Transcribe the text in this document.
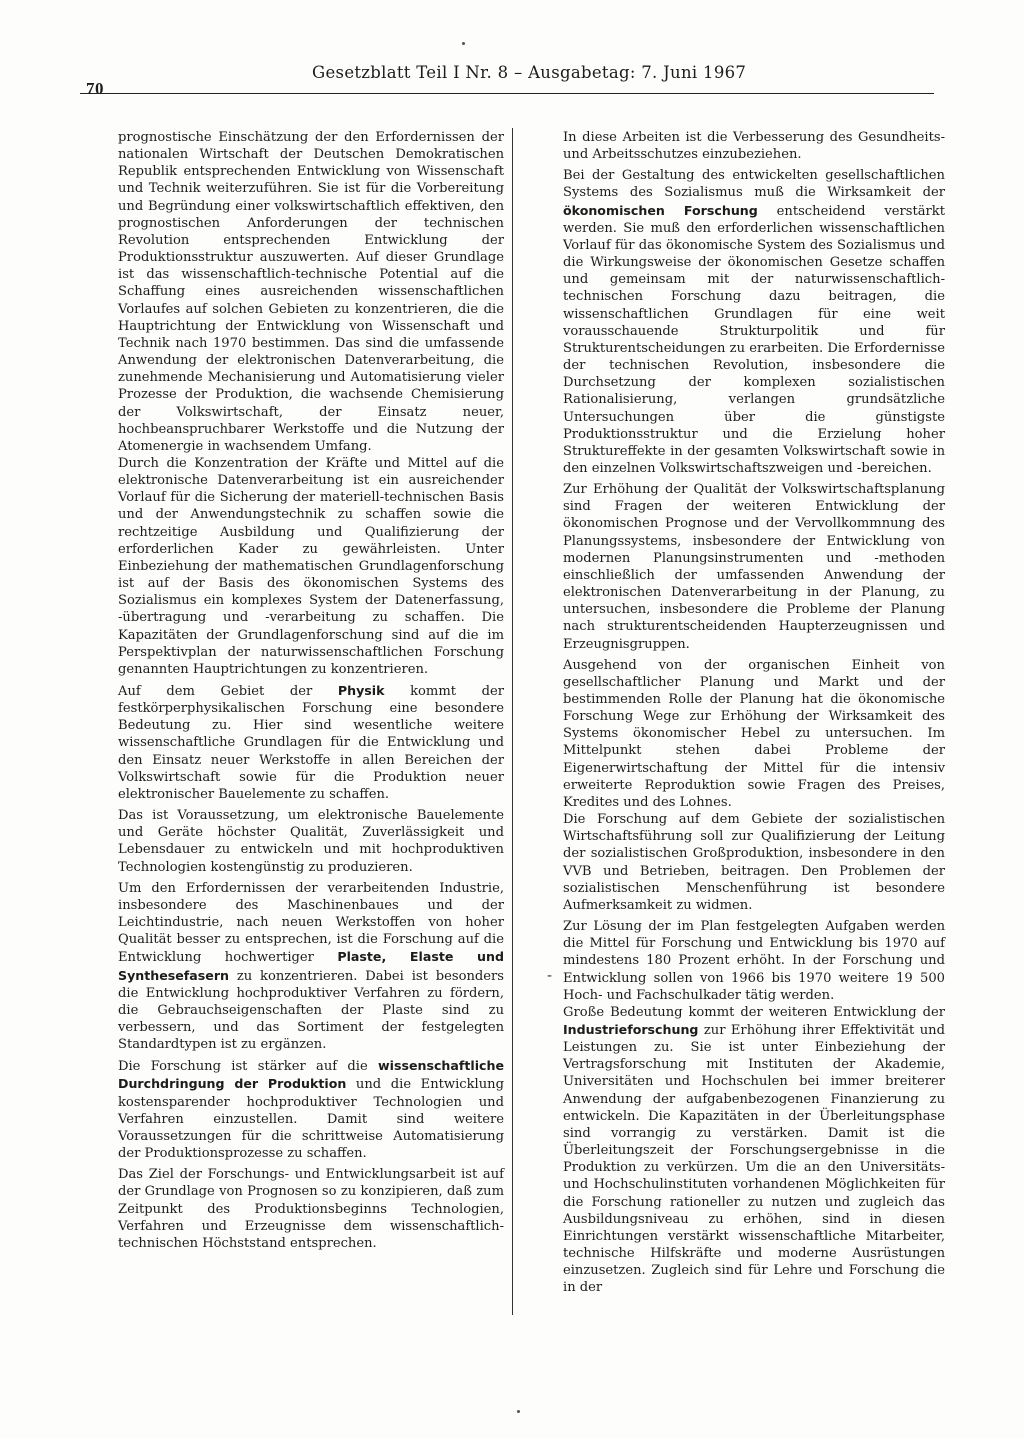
70
Gesetzblatt Teil I Nr. 8 – Ausgabetag: 7. Juni 1967

prognostische Einschätzung der den Erfordernissen der nationalen Wirtschaft der Deutschen Demokratischen Republik entsprechenden Entwicklung von Wissenschaft und Technik weiterzuführen. Sie ist für die Vorbereitung und Begründung einer volkswirtschaftlich effektiven, den prognostischen Anforderungen der technischen Revolution entsprechenden Entwicklung der Produktionsstruktur auszuwerten. Auf dieser Grundlage ist das wissenschaftlich-technische Potential auf die Schaffung eines ausreichenden wissenschaftlichen Vorlaufes auf solchen Gebieten zu konzentrieren, die die Hauptrichtung der Entwicklung von Wissenschaft und Technik nach 1970 bestimmen. Das sind die umfassende Anwendung der elektronischen Datenverarbeitung, die zunehmende Mechanisierung und Automatisierung vieler Prozesse der Produktion, die wachsende Chemisierung der Volkswirtschaft, der Einsatz neuer, hochbeanspruchbarer Werkstoffe und die Nutzung der Atomenergie in wachsendem Umfang.

Durch die Konzentration der Kräfte und Mittel auf die elektronische Datenverarbeitung ist ein ausreichender Vorlauf für die Sicherung der materiell-technischen Basis und der Anwendungstechnik zu schaffen sowie die rechtzeitige Ausbildung und Qualifizierung der erforderlichen Kader zu gewährleisten. Unter Einbeziehung der mathematischen Grundlagenforschung ist auf der Basis des ökonomischen Systems des Sozialismus ein komplexes System der Datenerfassung, -übertragung und -verarbeitung zu schaffen. Die Kapazitäten der Grundlagenforschung sind auf die im Perspektivplan der naturwissenschaftlichen Forschung genannten Hauptrichtungen zu konzentrieren.

Auf dem Gebiet der Physik kommt der festkörperphysikalischen Forschung eine besondere Bedeutung zu. Hier sind wesentliche weitere wissenschaftliche Grundlagen für die Entwicklung und den Einsatz neuer Werkstoffe in allen Bereichen der Volkswirtschaft sowie für die Produktion neuer elektronischer Bauelemente zu schaffen.

Das ist Voraussetzung, um elektronische Bauelemente und Geräte höchster Qualität, Zuverlässigkeit und Lebensdauer zu entwickeln und mit hochproduktiven Technologien kostengünstig zu produzieren.

Um den Erfordernissen der verarbeitenden Industrie, insbesondere des Maschinenbaues und der Leichtindustrie, nach neuen Werkstoffen von hoher Qualität besser zu entsprechen, ist die Forschung auf die Entwicklung hochwertiger Plaste, Elaste und Synthesefasern zu konzentrieren. Dabei ist besonders die Entwicklung hochproduktiver Verfahren zu fördern, die Gebrauchseigenschaften der Plaste sind zu verbessern, und das Sortiment der festgelegten Standardtypen ist zu ergänzen.

Die Forschung ist stärker auf die wissenschaftliche Durchdringung der Produktion und die Entwicklung kostensparender hochproduktiver Technologien und Verfahren einzustellen. Damit sind weitere Voraussetzungen für die schrittweise Automatisierung der Produktionsprozesse zu schaffen.

Das Ziel der Forschungs- und Entwicklungsarbeit ist auf der Grundlage von Prognosen so zu konzipieren, daß zum Zeitpunkt des Produktionsbeginns Technologien, Verfahren und Erzeugnisse dem wissenschaftlich-technischen Höchststand entsprechen.

In diese Arbeiten ist die Verbesserung des Gesundheits- und Arbeitsschutzes einzubeziehen.

Bei der Gestaltung des entwickelten gesellschaftlichen Systems des Sozialismus muß die Wirksamkeit der ökonomischen Forschung entscheidend verstärkt werden. Sie muß den erforderlichen wissenschaftlichen Vorlauf für das ökonomische System des Sozialismus und die Wirkungsweise der ökonomischen Gesetze schaffen und gemeinsam mit der naturwissenschaftlich-technischen Forschung dazu beitragen, die wissenschaftlichen Grundlagen für eine weit vorausschauende Strukturpolitik und für Strukturentscheidungen zu erarbeiten. Die Erfordernisse der technischen Revolution, insbesondere die Durchsetzung der komplexen sozialistischen Rationalisierung, verlangen grundsätzliche Untersuchungen über die günstigste Produktionsstruktur und die Erzielung hoher Struktureffekte in der gesamten Volkswirtschaft sowie in den einzelnen Volkswirtschaftszweigen und -bereichen.

Zur Erhöhung der Qualität der Volkswirtschaftsplanung sind Fragen der weiteren Entwicklung der ökonomischen Prognose und der Vervollkommnung des Planungssystems, insbesondere der Entwicklung von modernen Planungsinstrumenten und -methoden einschließlich der umfassenden Anwendung der elektronischen Datenverarbeitung in der Planung, zu untersuchen, insbesondere die Probleme der Planung nach strukturentscheidenden Haupterzeugnissen und Erzeugnisgruppen.

Ausgehend von der organischen Einheit von gesellschaftlicher Planung und Markt und der bestimmenden Rolle der Planung hat die ökonomische Forschung Wege zur Erhöhung der Wirksamkeit des Systems ökonomischer Hebel zu untersuchen. Im Mittelpunkt stehen dabei Probleme der Eigenerwirtschaftung der Mittel für die intensiv erweiterte Reproduktion sowie Fragen des Preises, Kredites und des Lohnes.

Die Forschung auf dem Gebiete der sozialistischen Wirtschaftsführung soll zur Qualifizierung der Leitung der sozialistischen Großproduktion, insbesondere in den VVB und Betrieben, beitragen. Den Problemen der sozialistischen Menschenführung ist besondere Aufmerksamkeit zu widmen.

Zur Lösung der im Plan festgelegten Aufgaben werden die Mittel für Forschung und Entwicklung bis 1970 auf mindestens 180 Prozent erhöht. In der Forschung und Entwicklung sollen von 1966 bis 1970 weitere 19 500 Hoch- und Fachschulkader tätig werden.

Große Bedeutung kommt der weiteren Entwicklung der Industrieforschung zur Erhöhung ihrer Effektivität und Leistungen zu. Sie ist unter Einbeziehung der Vertragsforschung mit Instituten der Akademie, Universitäten und Hochschulen bei immer breiterer Anwendung der aufgabenbezogenen Finanzierung zu entwickeln. Die Kapazitäten in der Überleitungsphase sind vorrangig zu verstärken. Damit ist die Überleitungszeit der Forschungsergebnisse in die Produktion zu verkürzen. Um die an den Universitäts- und Hochschulinstituten vorhandenen Möglichkeiten für die Forschung rationeller zu nutzen und zugleich das Ausbildungsniveau zu erhöhen, sind in diesen Einrichtungen verstärkt wissenschaftliche Mitarbeiter, technische Hilfskräfte und moderne Ausrüstungen einzusetzen. Zugleich sind für Lehre und Forschung die in der

-
